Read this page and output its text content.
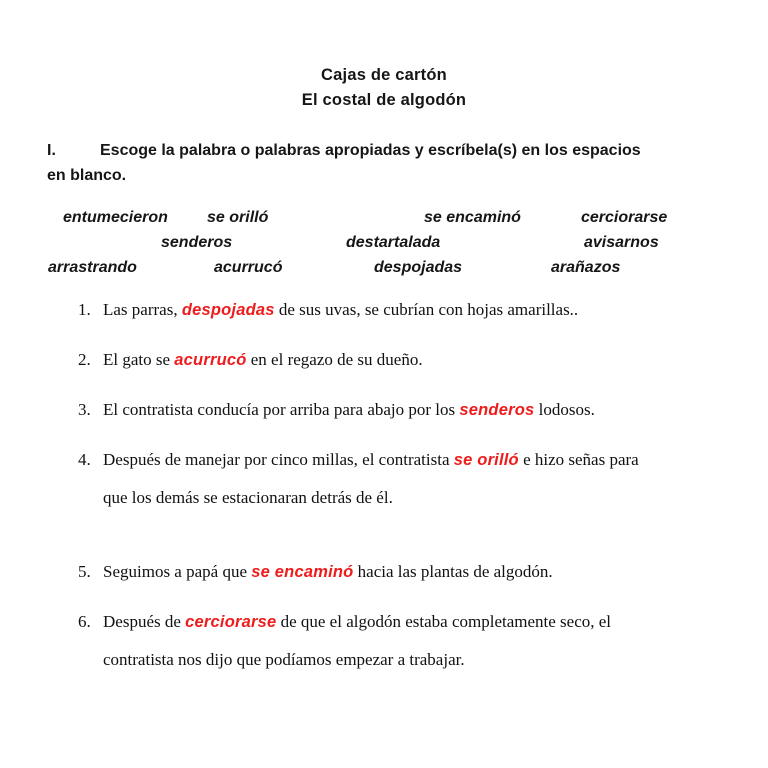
Cajas de cartón
El costal de algodón

I.	Escoge la palabra o palabras apropiadas y escríbela(s) en los espacios
en blanco.

entumecieron se orilló	se encaminó	cerciorarse
senderos	destartalada	avisarnos
arrastrando	acurrucó	despojadas	arañazos
1. Las parras, despojadas de sus uvas, se cubrían con hojas amarillas..
2. El gato se acurrucó en el regazo de su dueño.
3. El contratista conducía por arriba para abajo por los senderos lodosos.
4. Después de manejar por cinco millas, el contratista se orilló e hizo señas para
que los demás se estacionaran detrás de él.
5. Seguimos a papá que se encaminó hacia las plantas de algodón.
6. Después de cerciorarse de que el algodón estaba completamente seco, el
contratista nos dijo que podíamos empezar a trabajar.
